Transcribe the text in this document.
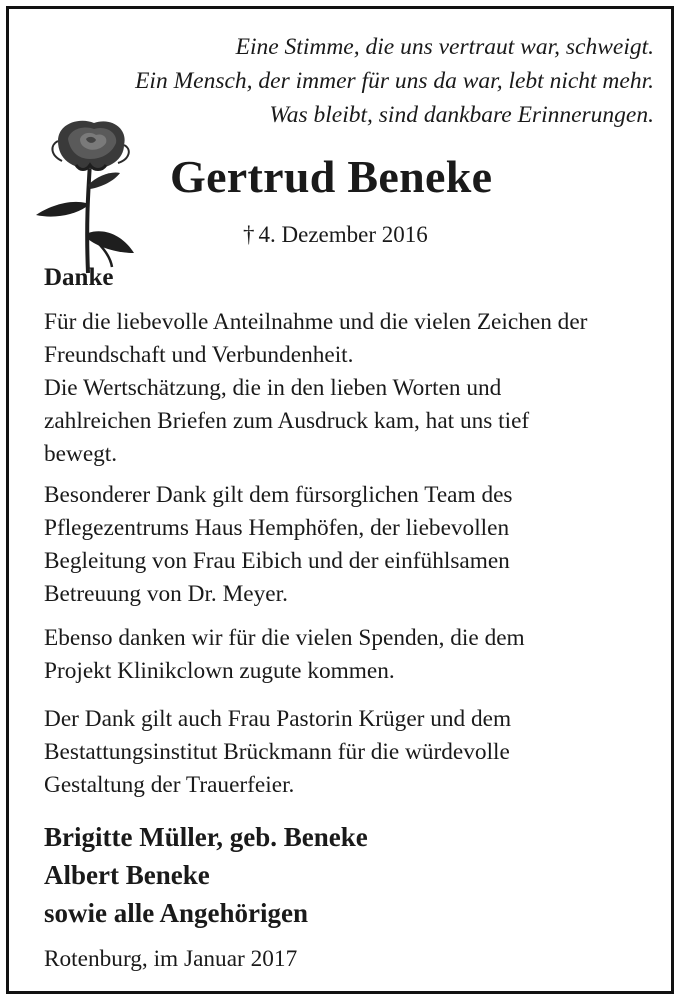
Eine Stimme, die uns vertraut war, schweigt.
Ein Mensch, der immer für uns da war, lebt nicht mehr.
Was bleibt, sind dankbare Erinnerungen.
Gertrud Beneke
† 4. Dezember 2016
Danke
Für die liebevolle Anteilnahme und die vielen Zeichen der
Freundschaft und Verbundenheit.
Die Wertschätzung, die in den lieben Worten und
zahlreichen Briefen zum Ausdruck kam, hat uns tief
bewegt.
Besonderer Dank gilt dem fürsorglichen Team des
Pflegezentrums Haus Hemphöfen, der liebevollen
Begleitung von Frau Eibich und der einfühlsamen
Betreuung von Dr. Meyer.
Ebenso danken wir für die vielen Spenden, die dem
Projekt Klinikclown zugute kommen.
Der Dank gilt auch Frau Pastorin Krüger und dem
Bestattungsinstitut Brückmann für die würdevolle
Gestaltung der Trauerfeier.
Brigitte Müller, geb. Beneke
Albert Beneke
sowie alle Angehörigen
Rotenburg, im Januar 2017
